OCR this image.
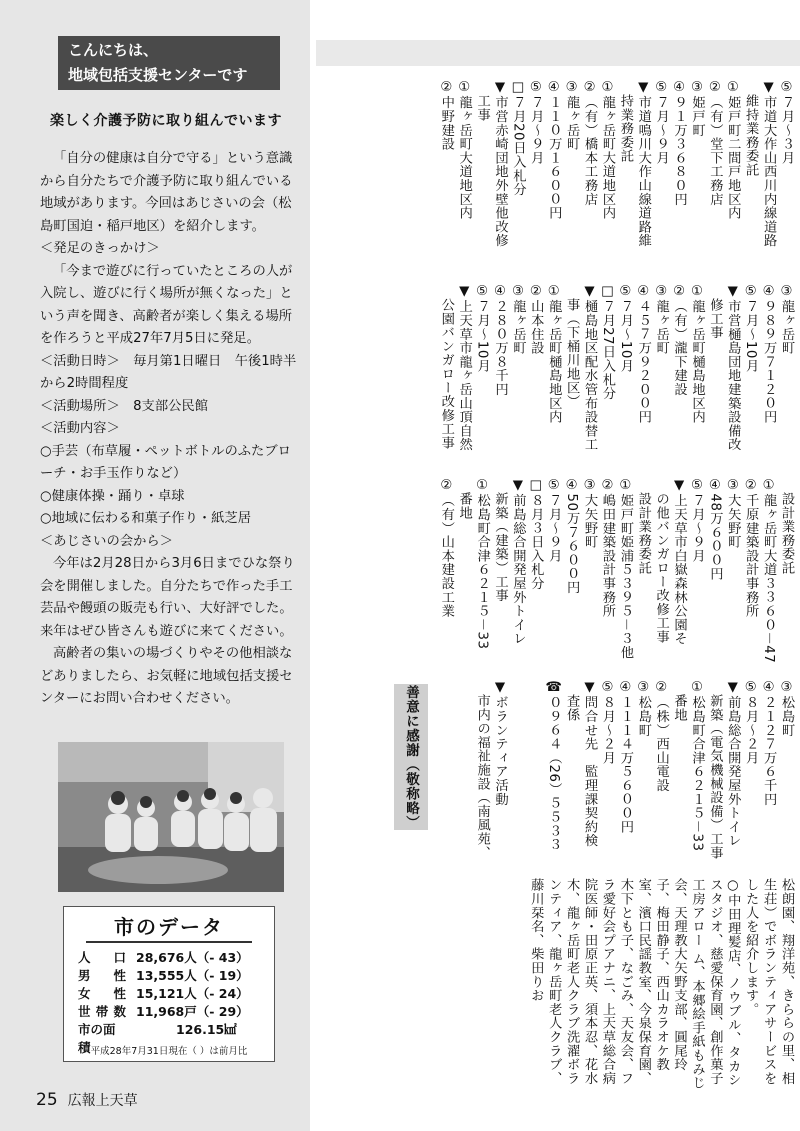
こんにちは、
地域包括支援センターです
楽しく介護予防に取り組んでいます

「自分の健康は自分で守る」という意識から自分たちで介護予防に取り組んでいる地域があります。今回はあじさいの会（松島町国迫・稲戸地区）を紹介します。

＜発足のきっかけ＞

「今まで遊びに行っていたところの人が入院し、遊びに行く場所が無くなった」という声を聞き、高齢者が楽しく集える場所を作ろうと平成27年7月5日に発足。

＜活動日時＞　毎月第1日曜日　午後1時半から2時間程度

＜活動場所＞　8支部公民館

＜活動内容＞

○手芸（布草履・ペットボトルのふたブローチ・お手玉作りなど）

○健康体操・踊り・卓球

○地域に伝わる和菓子作り・紙芝居

＜あじさいの会から＞

今年は2月28日から3月6日までひな祭り会を開催しました。自分たちで作った手工芸品や饅頭の販売も行い、大好評でした。来年はぜひ皆さんも遊びに来てください。

高齢者の集いの場づくりやその他相談などありましたら、お気軽に地域包括支援センターにお問い合わせください。

市のデータ
人口 28,676人（- 43）
男性 13,555人（- 19）
女性 15,121人（- 24）
世帯数 11,968戸（- 29）
市の面積
126.15㎢
平成28年7月31日現在（ ）は前月比
25 広報上天草
⑤７月～３月
▼市道大作山西川内線道路
　維持業務委託
①姫戸町二間戸地区内
②（有）堂下工務店
③姫戸町
④９１万３６８０円
⑤７月～９月
▼市道鳴川大作山線道路維
　持業務委託
①龍ヶ岳町大道地区内
②（有）橋本工務店
③龍ヶ岳町
④１１０万１６００円
⑤７月～９月
□７月20日入札分
▼市営赤崎団地外壁他改修
　工事
①龍ヶ岳町大道地区内
②中野建設
③龍ヶ岳町
④９８９万７１２０円
⑤７月～10月
▼市営樋島団地建築設備改
　修工事
①龍ヶ岳町樋島地区内
②（有）瀧下建設
③龍ヶ岳町
④４５７万９２００円
⑤７月～10月
□７月27日入札分
▼樋島地区配水管布設替工
　事（下桶川地区）
①龍ヶ岳町樋島地区内
②山本住設
③龍ヶ岳町
④２８０万８千円
⑤７月～10月
▼上天草市龍ヶ岳山頂自然
　公園バンガロー改修工事
　設計業務委託
①龍ヶ岳町大道３３６０－47
②千原建築設計事務所
③大矢野町
④48万６００円
⑤７月～９月
▼上天草市白嶽森林公園そ
　の他バンガロー改修工事
　設計業務委託
①姫戸町姫浦５３９５－３他
②嶋田建築設計事務所
③大矢野町
④50万７６００円
⑤７月～９月
□８月３日入札分
▼前島総合開発屋外トイレ
　新築（建築）工事
①松島町合津６２１５－33
　番地
②（有）山本建設工業
③松島町
④２１２７万６千円
⑤８月～２月
▼前島総合開発屋外トイレ
　新築（電気機械設備）工事
①松島町合津６２１５－33
　番地
②（株）西山電設
③松島町
④１１１４万５６００円
⑤８月～２月
▼問合せ先　監理課契約検
　査係
☎０９６４（26）５５３３

▼ボランティア活動
　市内の福祉施設（南風苑、
善意に感謝（敬称略）
松朗園、翔洋苑、きららの里、相生荘）でボランティアサービスをした人を紹介します。
○中田理髪店、ノウブル、タカシスタジオ、慈愛保育園、創作菓子工房アロー ム、本郷絵手紙もみじ会、天理教大矢野支部、圓尾玲子、梅田静子、西山カラオケ教室、濱口民謡教室、今泉保育園、木下とも子、なごみ、天友会、フラ愛好会プアナニ、上天草総合病院医師・田原正英、須本忍、花水木、龍ヶ岳町老人クラブ洗濯ボランティア、龍ヶ岳町老人クラブ、藤川栞名、柴田りお
